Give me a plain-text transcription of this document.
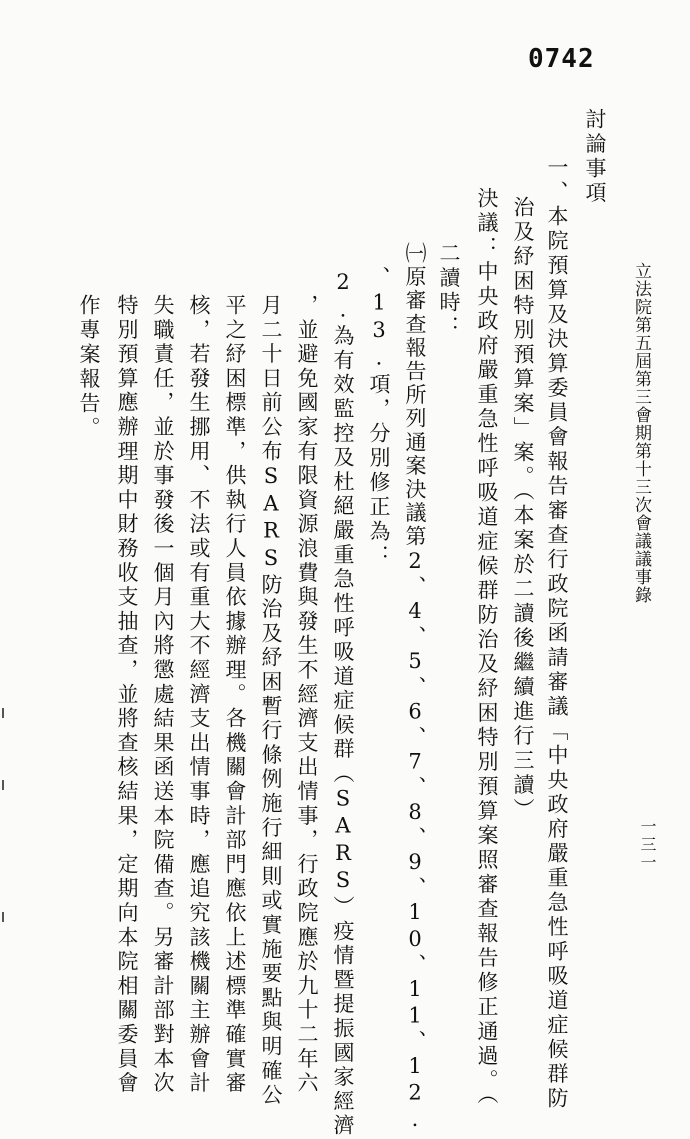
0742
立法院第五屆第三會期第十三次會議議事錄
一三一
討論事項
一、本院預算及決算委員會報告審查行政院函請審議「中央政府嚴重急性呼吸道症候群防
治及紓困特別預算案」案。（本案於二讀後繼續進行三讀）
決議：中央政府嚴重急性呼吸道症候群防治及紓困特別預算案照審查報告修正通過。（
二讀時：
㈠原審查報告所列通案決議第2、4、5、6、7、8、9、10、11、12.
、13.項，分別修正為：
2.為有效監控及杜絕嚴重急性呼吸道症候群（SARS）疫情暨提振國家經濟
，並避免國家有限資源浪費與發生不經濟支出情事，行政院應於九十二年六
月二十日前公布SARS防治及紓困暫行條例施行細則或實施要點與明確公
平之紓困標準，供執行人員依據辦理。各機關會計部門應依上述標準確實審
核，若發生挪用、不法或有重大不經濟支出情事時，應追究該機關主辦會計
失職責任，並於事發後一個月內將懲處結果函送本院備查。另審計部對本次
特別預算應辦理期中財務收支抽查，並將查核結果，定期向本院相關委員會
作專案報告。
